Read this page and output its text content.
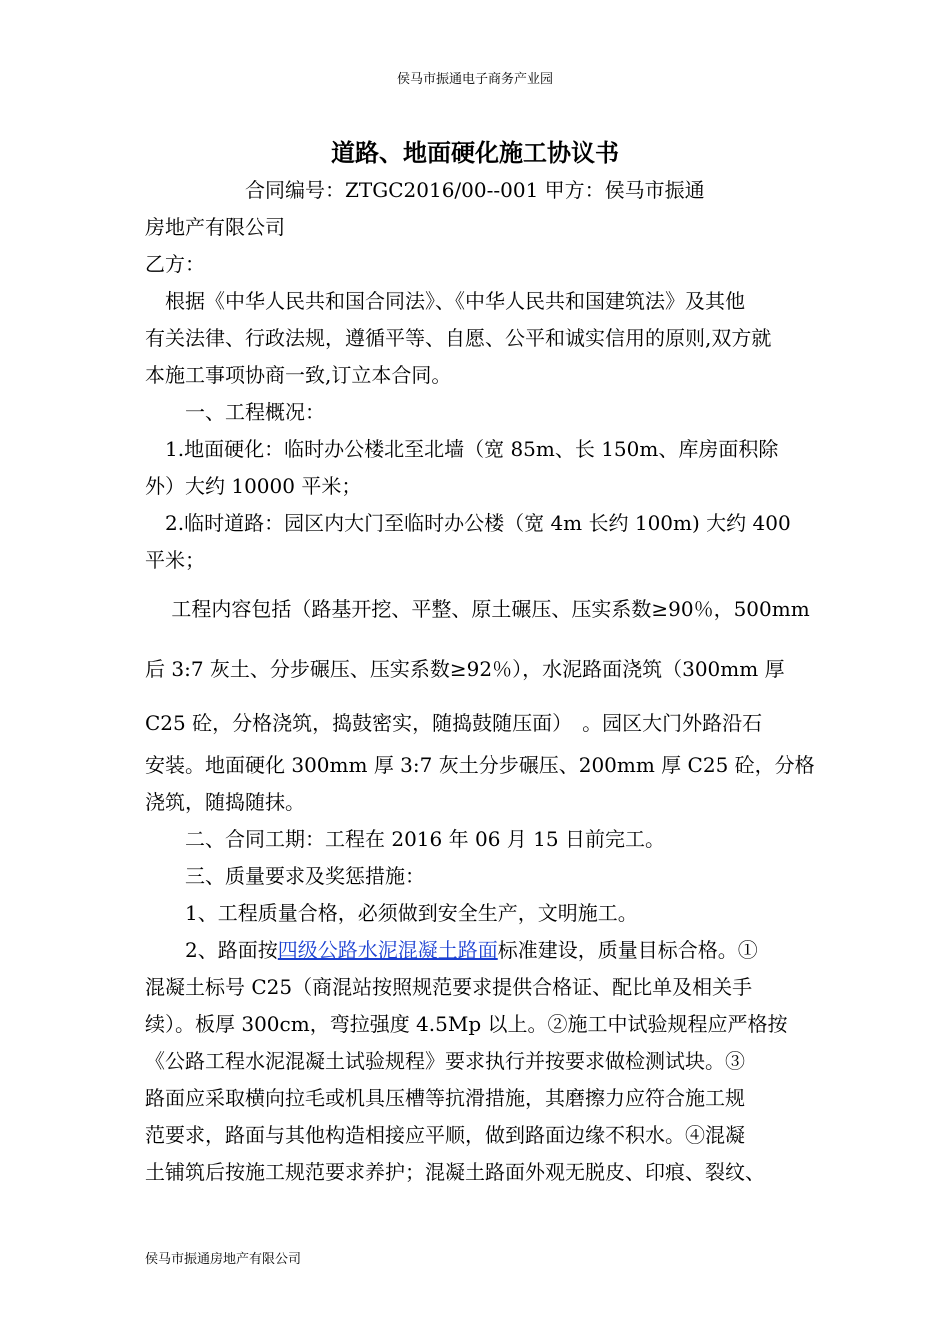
侯马市振通电子商务产业园
道路、地面硬化施工协议书
　　　　　合同编号：ZTGC2016/00--001 甲方：侯马市振通
房地产有限公司
乙方：
　根据《中华人民共和国合同法》、《中华人民共和国建筑法》及其他
有关法律、行政法规，遵循平等、自愿、公平和诚实信用的原则,双方就
本施工事项协商一致,订立本合同。
　　一、工程概况：
　1.地面硬化：临时办公楼北至北墙（宽 85m、长 150m、库房面积除
外）大约 10000 平米；
　2.临时道路：园区内大门至临时办公楼（宽 4m 长约 100m) 大约 400
平米；
　 工程内容包括（路基开挖、平整、原土碾压、压实系数≥90％，500mm
后 3:7 灰土、分步碾压、压实系数≥92％），水泥路面浇筑（300mm 厚
C25 砼，分格浇筑，捣鼓密实，随捣鼓随压面）　。园区大门外路沿石
安装。地面硬化 300mm 厚 3:7 灰土分步碾压、200mm 厚 C25 砼，分格
浇筑，随捣随抹。
　　二、合同工期：工程在 2016 年 06 月 15 日前完工。
　　三、质量要求及奖惩措施：
　　1、工程质量合格，必须做到安全生产，文明施工。
　　2、路面按四级公路水泥混凝土路面标准建设，质量目标合格。①
混凝土标号 C25（商混站按照规范要求提供合格证、配比单及相关手
续）。板厚 300cm，弯拉强度 4.5Mp 以上。②施工中试验规程应严格按
《公路工程水泥混凝土试验规程》要求执行并按要求做检测试块。③
路面应采取横向拉毛或机具压槽等抗滑措施，其磨擦力应符合施工规
范要求，路面与其他构造相接应平顺，做到路面边缘不积水。④混凝
土铺筑后按施工规范要求养护；混凝土路面外观无脱皮、印痕、裂纹、
侯马市振通房地产有限公司
